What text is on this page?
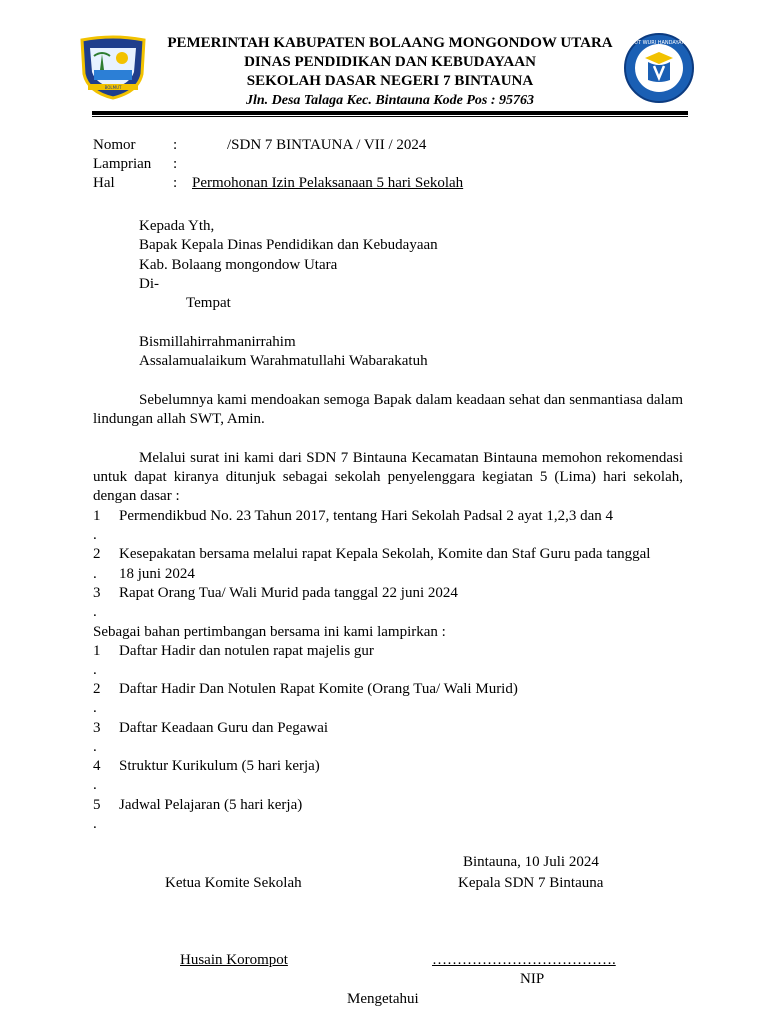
BOLMUT
TUT WURI HANDAYANI
PEMERINTAH KABUPATEN BOLAANG MONGONDOW UTARA
DINAS PENDIDIKAN DAN KEBUDAYAAN
SEKOLAH DASAR NEGERI 7 BINTAUNA
Jln. Desa Talaga Kec. Bintauna Kode Pos : 95763
Nomor	:	/SDN 7 BINTAUNA / VII / 2024
Lamprian :
Hal	: Permohonan Izin Pelaksanaan 5 hari Sekolah
Kepada Yth,
Bapak Kepala Dinas Pendidikan dan Kebudayaan
Kab. Bolaang mongondow Utara
Di-
Tempat
Bismillahirrahmanirrahim
Assalamualaikum Warahmatullahi Wabarakatuh
Sebelumnya kami mendoakan semoga Bapak dalam keadaan sehat dan senmantiasa dalam lindungan allah SWT, Amin.
Melalui surat ini kami dari SDN 7 Bintauna Kecamatan Bintauna memohon rekomendasi untuk dapat kiranya ditunjuk sebagai sekolah penyelenggara kegiatan 5 (Lima) hari sekolah, dengan dasar :
1 Permendikbud No. 23 Tahun 2017, tentang Hari Sekolah Padsal 2 ayat 1,2,3 dan 4
.
2 Kesepakatan bersama melalui rapat Kepala Sekolah, Komite dan Staf Guru pada tanggal
. 18 juni 2024
3 Rapat Orang Tua/ Wali Murid pada tanggal 22 juni 2024
.
Sebagai bahan pertimbangan bersama ini kami lampirkan :
1 Daftar Hadir dan notulen rapat majelis gur
.
2 Daftar Hadir Dan Notulen Rapat Komite (Orang Tua/ Wali Murid)
.
3 Daftar Keadaan Guru dan Pegawai
.
4 Struktur Kurikulum (5 hari kerja)
.
5 Jadwal Pelajaran (5 hari kerja)
.
Bintauna, 10 Juli 2024
Ketua Komite Sekolah	Kepala SDN 7 Bintauna
Husain Korompot	……………………………….
NIP
Mengetahui
